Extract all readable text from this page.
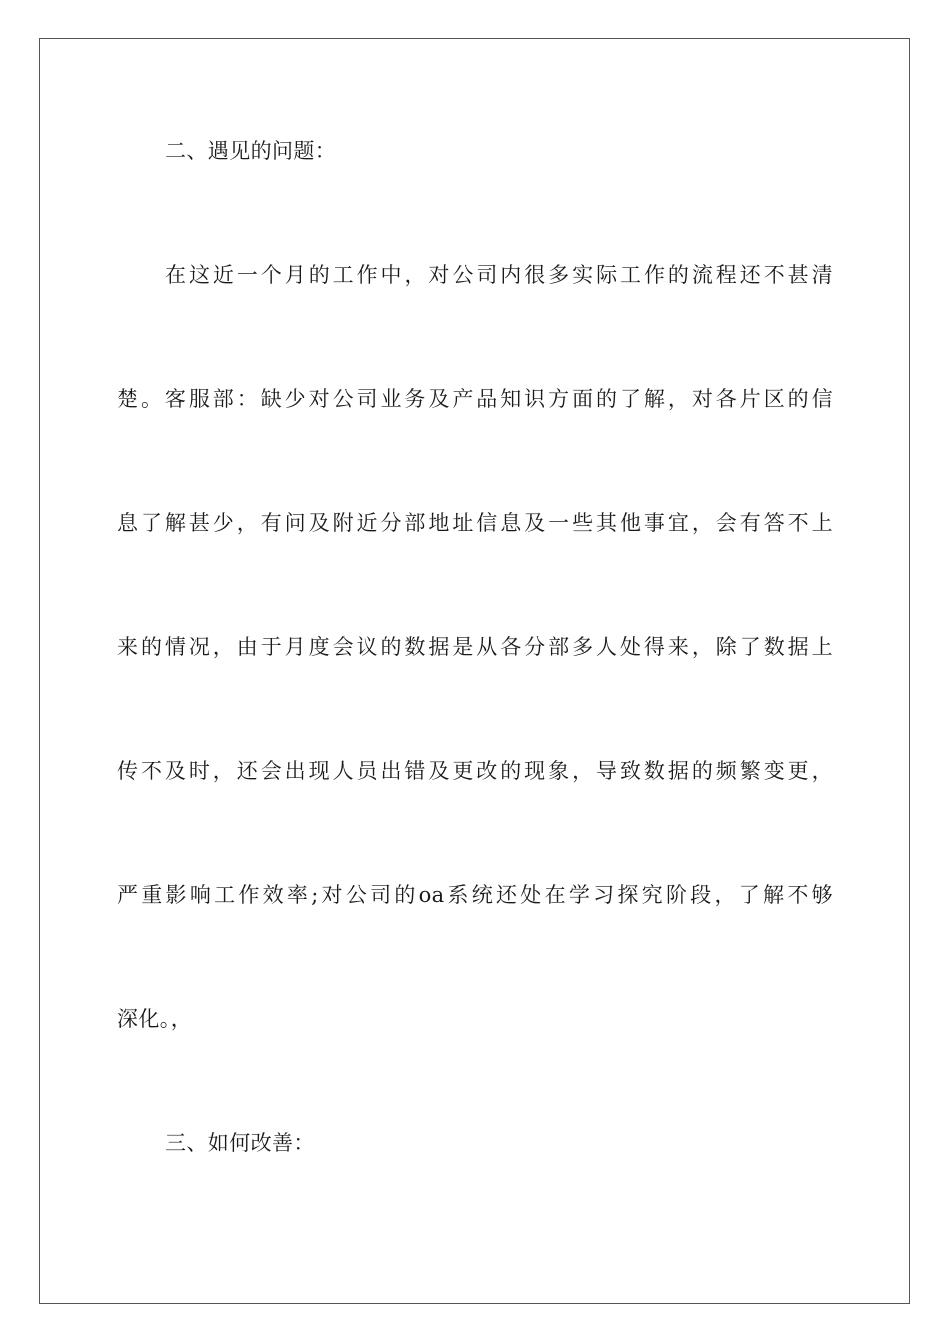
二、遇见的问题：
在这近一个月的工作中，对公司内很多实际工作的流程还不甚清
楚。客服部：缺少对公司业务及产品知识方面的了解，对各片区的信
息了解甚少，有问及附近分部地址信息及一些其他事宜，会有答不上
来的情况，由于月度会议的数据是从各分部多人处得来，除了数据上
传不及时，还会出现人员出错及更改的现象，导致数据的频繁变更，
严重影响工作效率;对公司的oa系统还处在学习探究阶段，了解不够
深化。，
三、如何改善：
